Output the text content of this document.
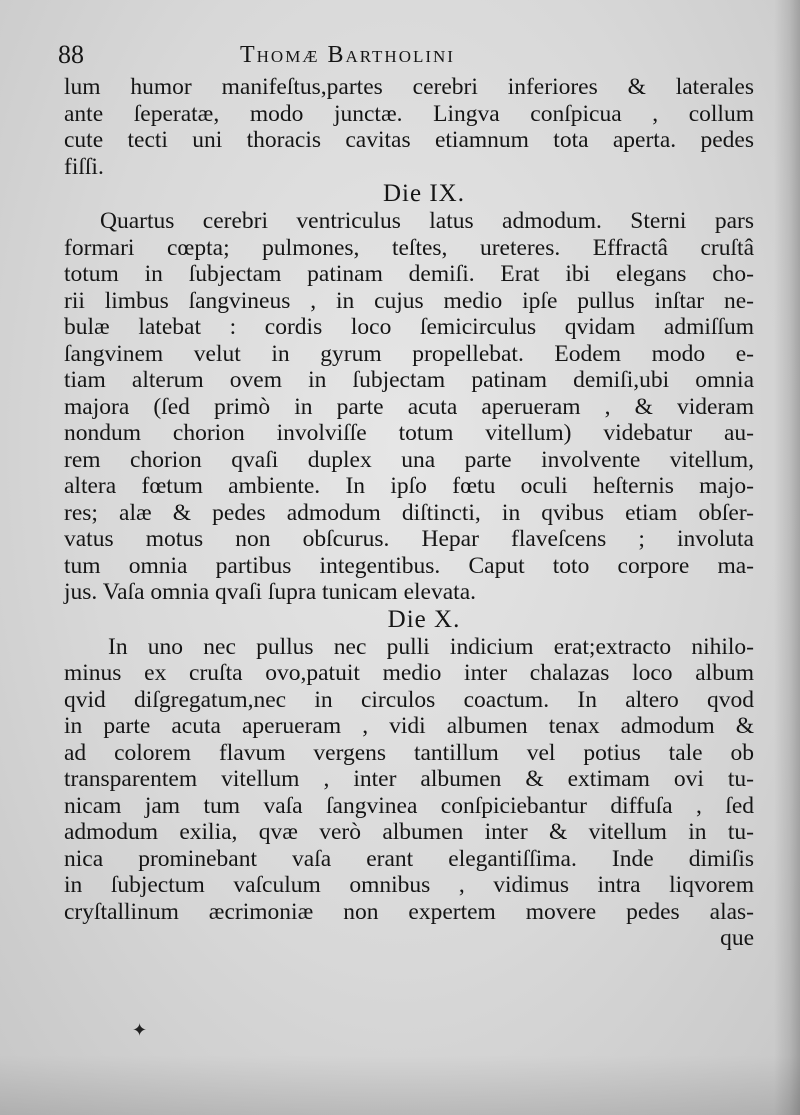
88	Thomæ Bartholini
lum humor manifeſtus,partes cerebri inferiores & laterales
ante ſeperatæ, modo junctæ. Lingva conſpicua , collum
cute tecti uni thoracis cavitas etiamnum tota aperta. pedes
fiſſi.
Die IX.
Quartus cerebri ventriculus latus admodum. Sterni pars
formari cœpta; pulmones, teſtes, ureteres. Effractâ cruſtâ
totum in ſubjectam patinam demiſi. Erat ibi elegans cho-
rii limbus ſangvineus , in cujus medio ipſe pullus inſtar ne-
bulæ latebat : cordis loco ſemicirculus qvidam admiſſum
ſangvinem velut in gyrum propellebat. Eodem modo e-
tiam alterum ovem in ſubjectam patinam demiſi,ubi omnia
majora (ſed primò in parte acuta aperueram , & videram
nondum chorion involviſſe totum vitellum) videbatur au-
rem chorion qvaſi duplex una parte involvente vitellum,
altera fœtum ambiente. In ipſo fœtu oculi heſternis majo-
res; alæ & pedes admodum diſtincti, in qvibus etiam obſer-
vatus motus non obſcurus. Hepar flaveſcens ; involuta
tum omnia partibus integentibus. Caput toto corpore ma-
jus. Vaſa omnia qvaſi ſupra tunicam elevata.
Die X.
In uno nec pullus nec pulli indicium erat;extracto nihilo-
minus ex cruſta ovo,patuit medio inter chalazas loco album
qvid diſgregatum,nec in circulos coactum. In altero qvod
in parte acuta aperueram , vidi albumen tenax admodum &
ad colorem flavum vergens tantillum vel potius tale ob
transparentem vitellum , inter albumen & extimam ovi tu-
nicam jam tum vaſa ſangvinea conſpiciebantur diffuſa , ſed
admodum exilia, qvæ verò albumen inter & vitellum in tu-
nica prominebant vaſa erant elegantiſſima. Inde dimiſis
in ſubjectum vaſculum omnibus , vidimus intra liqvorem
cryſtallinum æcrimoniæ non expertem movere pedes alas-
que
✦
